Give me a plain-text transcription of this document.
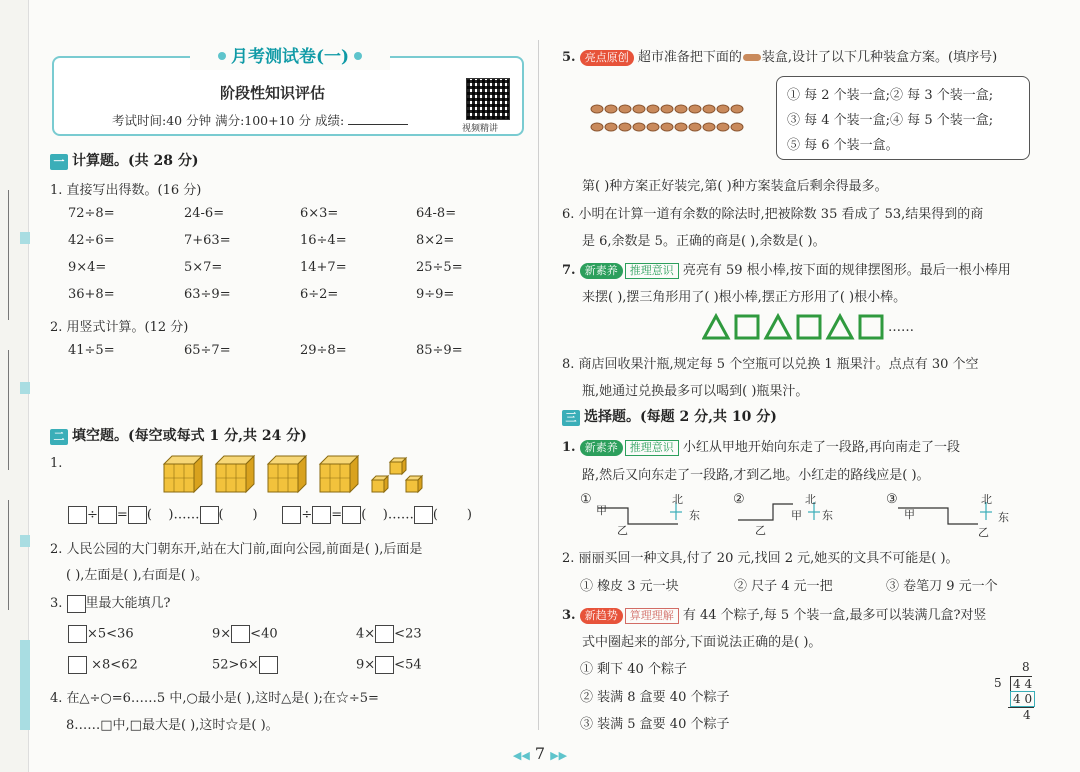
月考测试卷(一)
阶段性知识评估
考试时间:40 分钟 满分:100+10 分 成绩:
视频精讲
一 计算题。(共 28 分)
1. 直接写出得数。(16 分)
72÷8=	24-6=	6×3=	64-8=
42÷6=	7+63=	16÷4=	8×2=
9×4=	5×7=	14+7=	25÷5=
36+8=	63÷9=	6÷2=	9÷9=
2. 用竖式计算。(12 分)
41÷5=	65÷7=	29÷8=	85÷9=
二 填空题。(每空或每式 1 分,共 24 分)
1.
÷ = (    )…… (       )      ÷ = (    )…… (       )
2. 人民公园的大门朝东开,站在大门前,面向公园,前面是( ),后面是
( ),左面是( ),右面是( )。
3. 里最大能填几?
×5<36	9× <40	4× <23
×8<62	52>6×	9× <54
4. 在△÷○=6……5 中,○最小是( ),这时△是( );在☆÷5=
8……□中,□最大是( ),这时☆是( )。
5. 亮点原创 超市准备把下面的 装盒,设计了以下几种装盒方案。(填序号)
① 每 2 个装一盒;② 每 3 个装一盒;
③ 每 4 个装一盒;④ 每 5 个装一盒;
⑤ 每 6 个装一盒。
第( )种方案正好装完,第( )种方案装盒后剩余得最多。
6. 小明在计算一道有余数的除法时,把被除数 35 看成了 53,结果得到的商
是 6,余数是 5。正确的商是( ),余数是( )。
7. 新素养 推理意识 亮亮有 59 根小棒,按下面的规律摆图形。最后一根小棒用
来摆( ),摆三角形用了( )根小棒,摆正方形用了( )根小棒。
……
8. 商店回收果汁瓶,规定每 5 个空瓶可以兑换 1 瓶果汁。点点有 30 个空
瓶,她通过兑换最多可以喝到( )瓶果汁。
三 选择题。(每题 2 分,共 10 分)
1. 新素养 推理意识 小红从甲地开始向东走了一段路,再向南走了一段
路,然后又向东走了一段路,才到乙地。小红走的路线应是( )。
①	②	③
北
东
甲
乙
北
东
甲
乙
北
东
甲
乙
2. 丽丽买回一种文具,付了 20 元,找回 2 元,她买的文具不可能是( )。
① 橡皮 3 元一块	② 尺子 4 元一把	③ 卷笔刀 9 元一个
3. 新趋势 算理理解 有 44 个粽子,每 5 个装一盒,最多可以装满几盒?对竖
式中圈起来的部分,下面说法正确的是( )。
① 剩下 40 个粽子
② 装满 8 盒要 40 个粽子
③ 装满 5 盒要 40 个粽子
8
5 4 4
4 0
4
◀◀ 7 ▶▶
